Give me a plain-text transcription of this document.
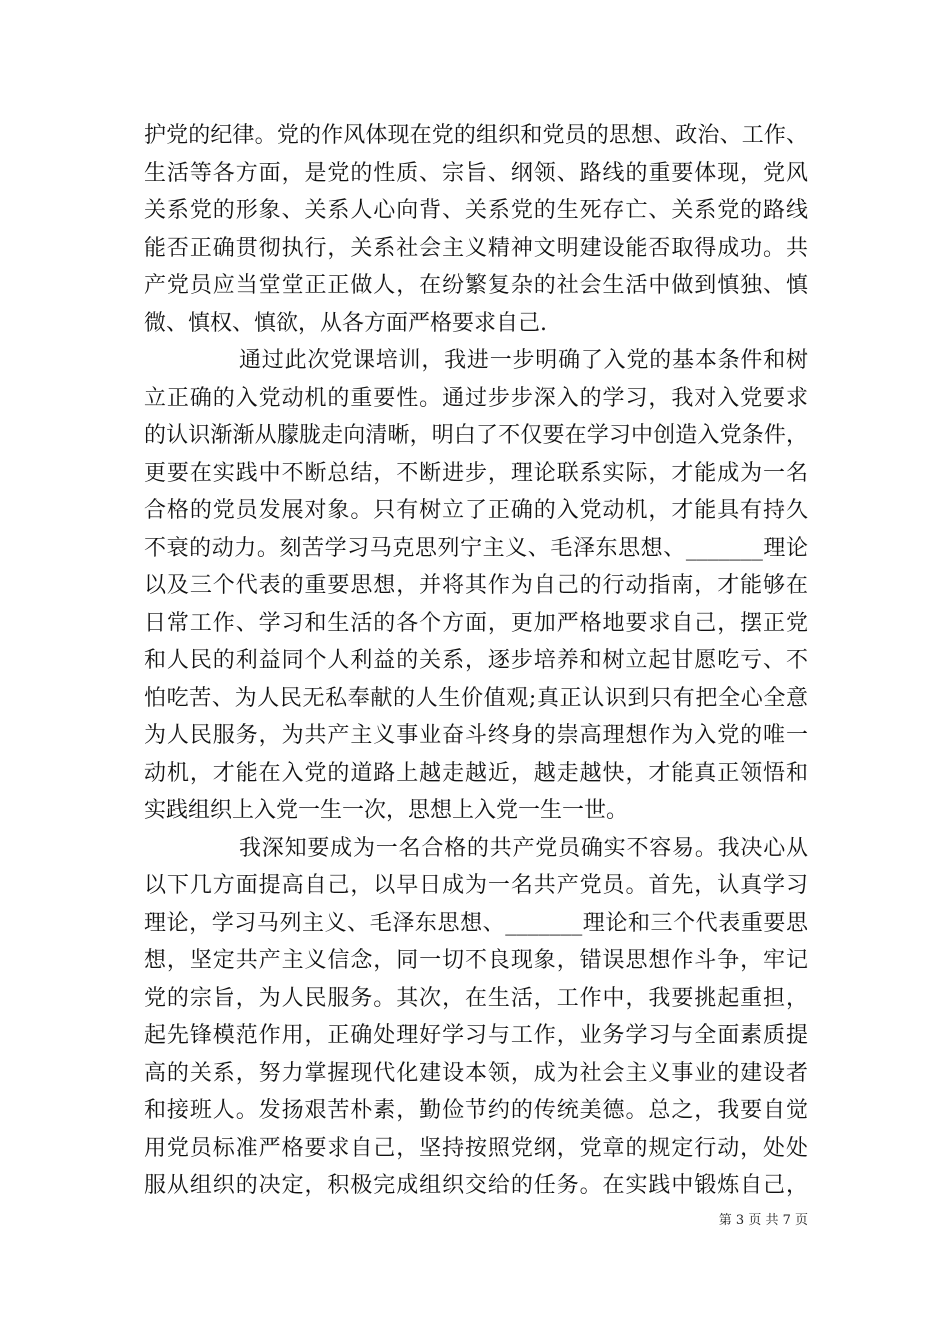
护党的纪律。党的作风体现在党的组织和党员的思想、政治、工作、
生活等各方面，是党的性质、宗旨、纲领、路线的重要体现，党风
关系党的形象、关系人心向背、关系党的生死存亡、关系党的路线
能否正确贯彻执行，关系社会主义精神文明建设能否取得成功。共
产党员应当堂堂正正做人，在纷繁复杂的社会生活中做到慎独、慎
微、慎权、慎欲，从各方面严格要求自己.
通过此次党课培训，我进一步明确了入党的基本条件和树
立正确的入党动机的重要性。通过步步深入的学习，我对入党要求
的认识渐渐从朦胧走向清晰，明白了不仅要在学习中创造入党条件，
更要在实践中不断总结，不断进步，理论联系实际，才能成为一名
合格的党员发展对象。只有树立了正确的入党动机，才能具有持久
不衰的动力。刻苦学习马克思列宁主义、毛泽东思想、_______理论
以及三个代表的重要思想，并将其作为自己的行动指南，才能够在
日常工作、学习和生活的各个方面，更加严格地要求自己，摆正党
和人民的利益同个人利益的关系，逐步培养和树立起甘愿吃亏、不
怕吃苦、为人民无私奉献的人生价值观;真正认识到只有把全心全意
为人民服务，为共产主义事业奋斗终身的崇高理想作为入党的唯一
动机，才能在入党的道路上越走越近，越走越快，才能真正领悟和
实践组织上入党一生一次，思想上入党一生一世。
我深知要成为一名合格的共产党员确实不容易。我决心从
以下几方面提高自己，以早日成为一名共产党员。首先，认真学习
理论，学习马列主义、毛泽东思想、_______理论和三个代表重要思
想，坚定共产主义信念，同一切不良现象，错误思想作斗争，牢记
党的宗旨，为人民服务。其次，在生活，工作中，我要挑起重担，
起先锋模范作用，正确处理好学习与工作，业务学习与全面素质提
高的关系，努力掌握现代化建设本领，成为社会主义事业的建设者
和接班人。发扬艰苦朴素，勤俭节约的传统美德。总之，我要自觉
用党员标准严格要求自己，坚持按照党纲，党章的规定行动，处处
服从组织的决定，积极完成组织交给的任务。在实践中锻炼自己，
第 3 页 共 7 页
